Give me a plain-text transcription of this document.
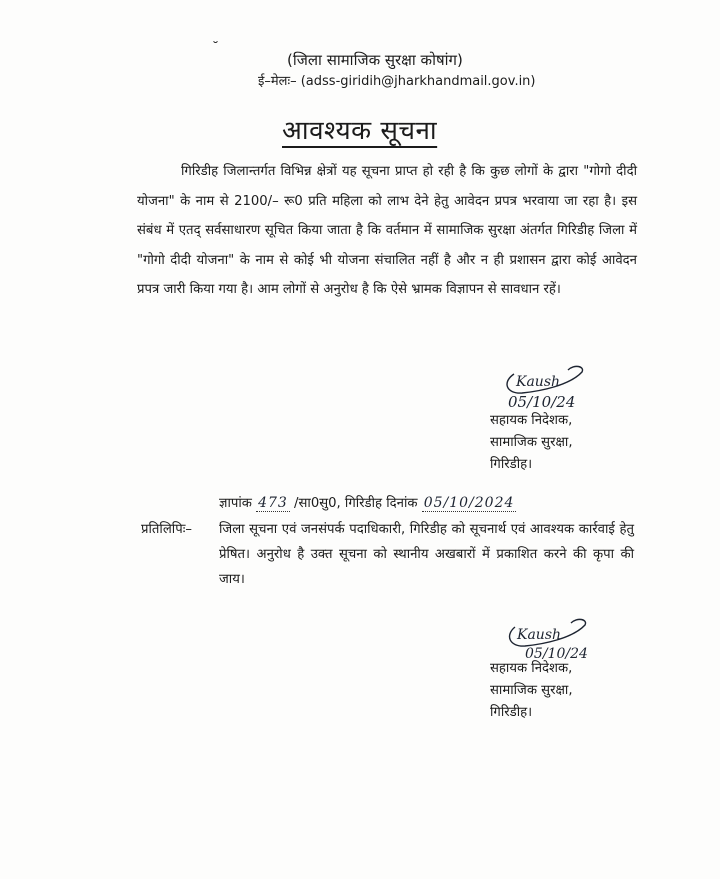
˘
(जिला सामाजिक सुरक्षा कोषांग)
ई–मेलः– (adss-giridih@jharkhandmail.gov.in)
आवश्यक सूचना

गिरिडीह जिलान्तर्गत विभिन्न क्षेत्रों यह सूचना प्राप्त हो रही है कि कुछ लोगों के द्वारा "गोगो दीदी योजना" के नाम से 2100/– रू0 प्रति महिला को लाभ देने हेतु आवेदन प्रपत्र भरवाया जा रहा है। इस संबंध में एतद् सर्वसाधारण सूचित किया जाता है कि वर्तमान में सामाजिक सुरक्षा अंतर्गत गिरिडीह जिला में "गोगो दीदी योजना" के नाम से कोई भी योजना संचालित नहीं है और न ही प्रशासन द्वारा कोई आवेदन प्रपत्र जारी किया गया है। आम लोगों से अनुरोध है कि ऐसे भ्रामक विज्ञापन से सावधान रहें।

Kaush
05/10/24
सहायक निदेशक,
सामाजिक सुरक्षा,
गिरिडीह।
ज्ञापांक 473 /सा0सु0, गिरिडीह दिनांक 05/10/2024
प्रतिलिपिः– जिला सूचना एवं जनसंपर्क पदाधिकारी, गिरिडीह को सूचनार्थ एवं आवश्यक कार्रवाई हेतु प्रेषित। अनुरोध है उक्त सूचना को स्थानीय अखबारों में प्रकाशित करने की कृपा की जाय।

Kaush
05/10/24
सहायक निदेशक,
सामाजिक सुरक्षा,
गिरिडीह।
